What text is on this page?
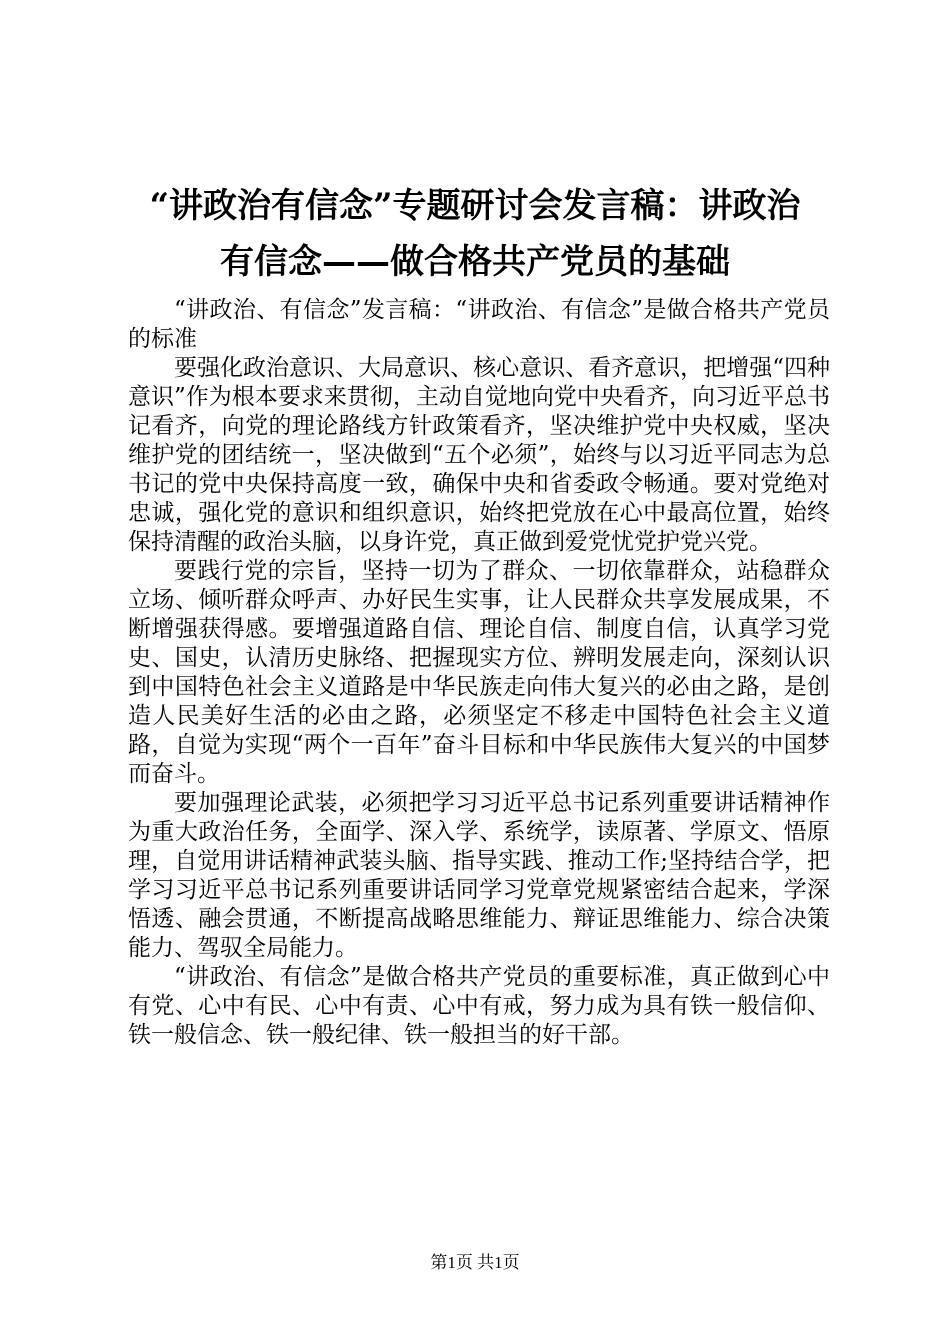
“讲政治有信念”专题研讨会发言稿：讲政治
有信念——做合格共产党员的基础

“讲政治、有信念”发言稿：“讲政治、有信念”是做合格共产党员的标准

要强化政治意识、大局意识、核心意识、看齐意识，把增强“四种意识”作为根本要求来贯彻，主动自觉地向党中央看齐，向习近平总书记看齐，向党的理论路线方针政策看齐，坚决维护党中央权威，坚决维护党的团结统一，坚决做到“五个必须”，始终与以习近平同志为总书记的党中央保持高度一致，确保中央和省委政令畅通。要对党绝对忠诚，强化党的意识和组织意识，始终把党放在心中最高位置，始终保持清醒的政治头脑，以身许党，真正做到爱党忧党护党兴党。

要践行党的宗旨，坚持一切为了群众、一切依靠群众，站稳群众立场、倾听群众呼声、办好民生实事，让人民群众共享发展成果，不断增强获得感。要增强道路自信、理论自信、制度自信，认真学习党史、国史，认清历史脉络、把握现实方位、辨明发展走向，深刻认识到中国特色社会主义道路是中华民族走向伟大复兴的必由之路，是创造人民美好生活的必由之路，必须坚定不移走中国特色社会主义道路，自觉为实现“两个一百年”奋斗目标和中华民族伟大复兴的中国梦而奋斗。

要加强理论武装，必须把学习习近平总书记系列重要讲话精神作为重大政治任务，全面学、深入学、系统学，读原著、学原文、悟原理，自觉用讲话精神武装头脑、指导实践、推动工作;坚持结合学，把学习习近平总书记系列重要讲话同学习党章党规紧密结合起来，学深悟透、融会贯通，不断提高战略思维能力、辩证思维能力、综合决策能力、驾驭全局能力。

“讲政治、有信念”是做合格共产党员的重要标准，真正做到心中有党、心中有民、心中有责、心中有戒，努力成为具有铁一般信仰、铁一般信念、铁一般纪律、铁一般担当的好干部。

第1页 共1页
